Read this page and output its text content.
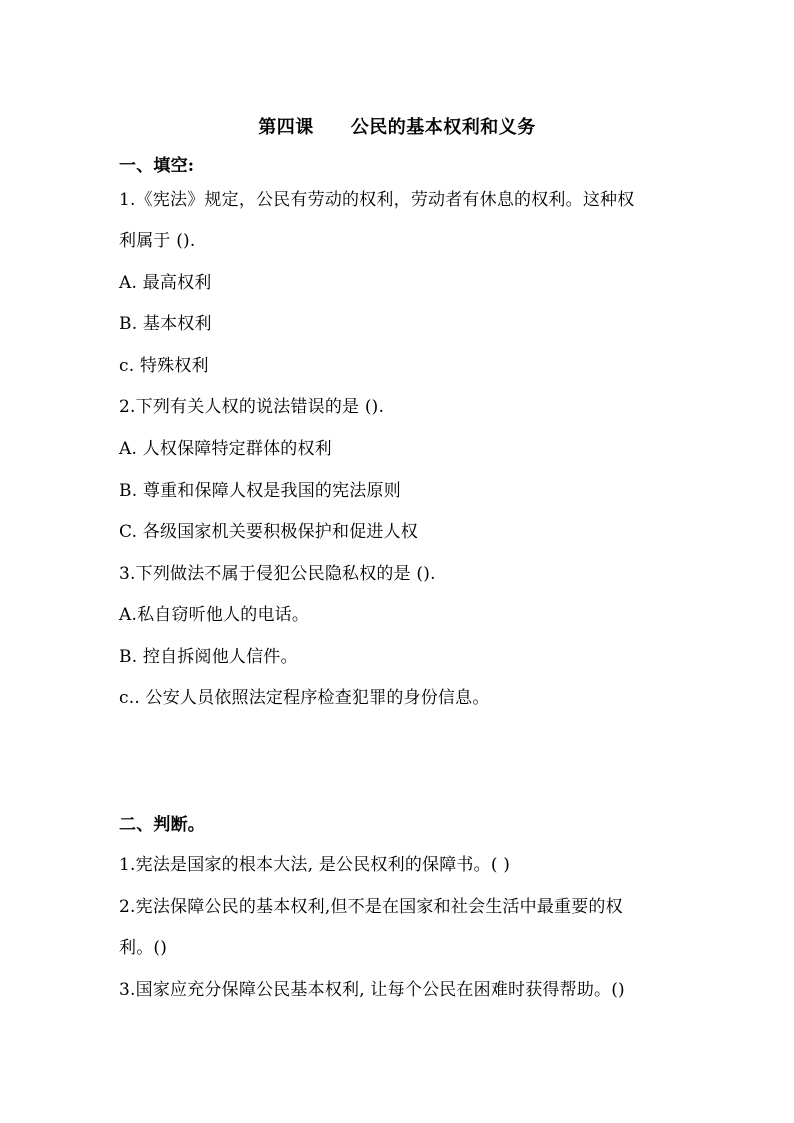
第四课　　公民的基本权利和义务
一、填空:
1.《宪法》规定，公民有劳动的权利，劳动者有休息的权利。这种权
利属于 ().
A. 最高权利
B. 基本权利
c. 特殊权利
2.下列有关人权的说法错误的是 ().
A. 人权保障特定群体的权利
B. 尊重和保障人权是我国的宪法原则
C. 各级国家机关要积极保护和促进人权
3.下列做法不属于侵犯公民隐私权的是 ().
A.私自窃听他人的电话。
B. 控自拆阅他人信件。
c.. 公安人员依照法定程序检查犯罪的身份信息。
二、判断。
1.宪法是国家的根本大法, 是公民权利的保障书。( )
2.宪法保障公民的基本权利,但不是在国家和社会生活中最重要的权
利。()
3.国家应充分保障公民基本权利, 让每个公民在困难时获得帮助。()
